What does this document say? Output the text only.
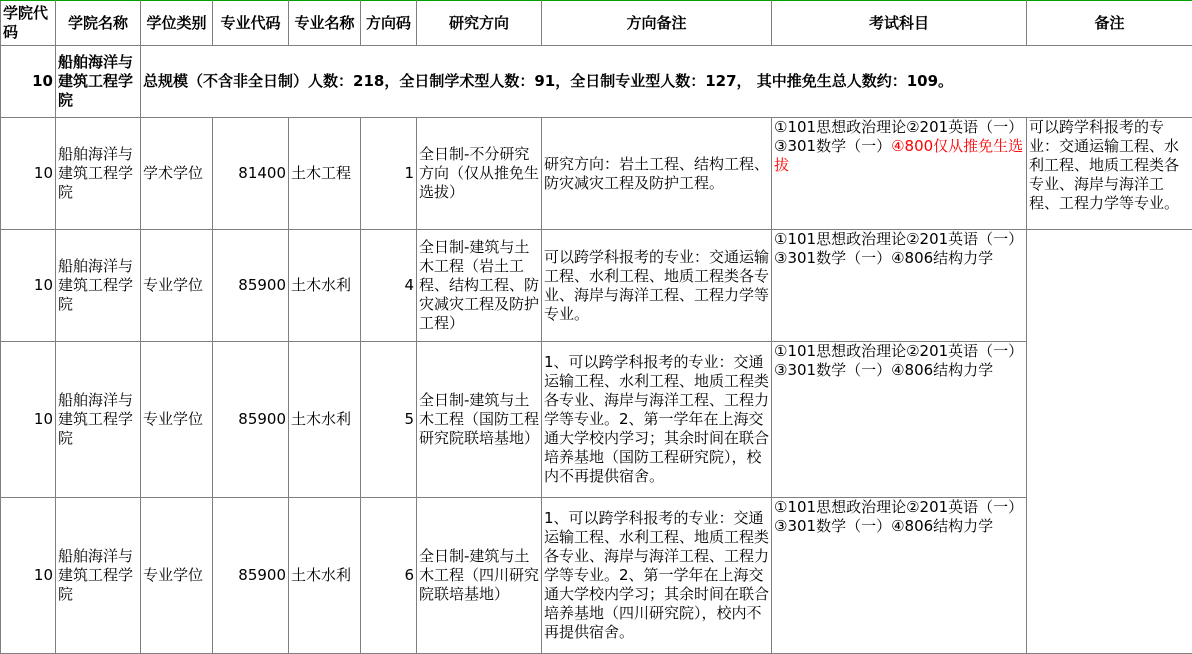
学院代码	学院名称	学位类别	专业代码	专业名称	方向码	研究方向	方向备注	考试科目	备注
10	船舶海洋与建筑工程学院	总规模（不含非全日制）人数：218，全日制学术型人数：91，全日制专业型人数：127， 其中推免生总人数约：109。							
10	船舶海洋与建筑工程学院	学术学位	81400	土木工程	1	全日制-不分研究方向（仅从推免生选拔）	研究方向：岩土工程、结构工程、防灾减灾工程及防护工程。	①101思想政治理论②201英语（一）③301数学（一）④800仅从推免生选拔	可以跨学科报考的专业：交通运输工程、水利工程、地质工程类各专业、海岸与海洋工程、工程力学等专业。
10	船舶海洋与建筑工程学院	专业学位	85900	土木水利	4	全日制-建筑与土木工程（岩土工程、结构工程、防灾减灾工程及防护工程）	可以跨学科报考的专业：交通运输工程、水利工程、地质工程类各专业、海岸与海洋工程、工程力学等专业。	①101思想政治理论②201英语（一）③301数学（一）④806结构力学	
10	船舶海洋与建筑工程学院	专业学位	85900	土木水利	5	全日制-建筑与土木工程（国防工程研究院联培基地）	1、可以跨学科报考的专业：交通运输工程、水利工程、地质工程类各专业、海岸与海洋工程、工程力学等专业。2、第一学年在上海交通大学校内学习；其余时间在联合培养基地（国防工程研究院），校内不再提供宿舍。	①101思想政治理论②201英语（一）③301数学（一）④806结构力学	
10	船舶海洋与建筑工程学院	专业学位	85900	土木水利	6	全日制-建筑与土木工程（四川研究院联培基地）	1、可以跨学科报考的专业：交通运输工程、水利工程、地质工程类各专业、海岸与海洋工程、工程力学等专业。2、第一学年在上海交通大学校内学习；其余时间在联合培养基地（四川研究院），校内不再提供宿舍。	①101思想政治理论②201英语（一）③301数学（一）④806结构力学	
